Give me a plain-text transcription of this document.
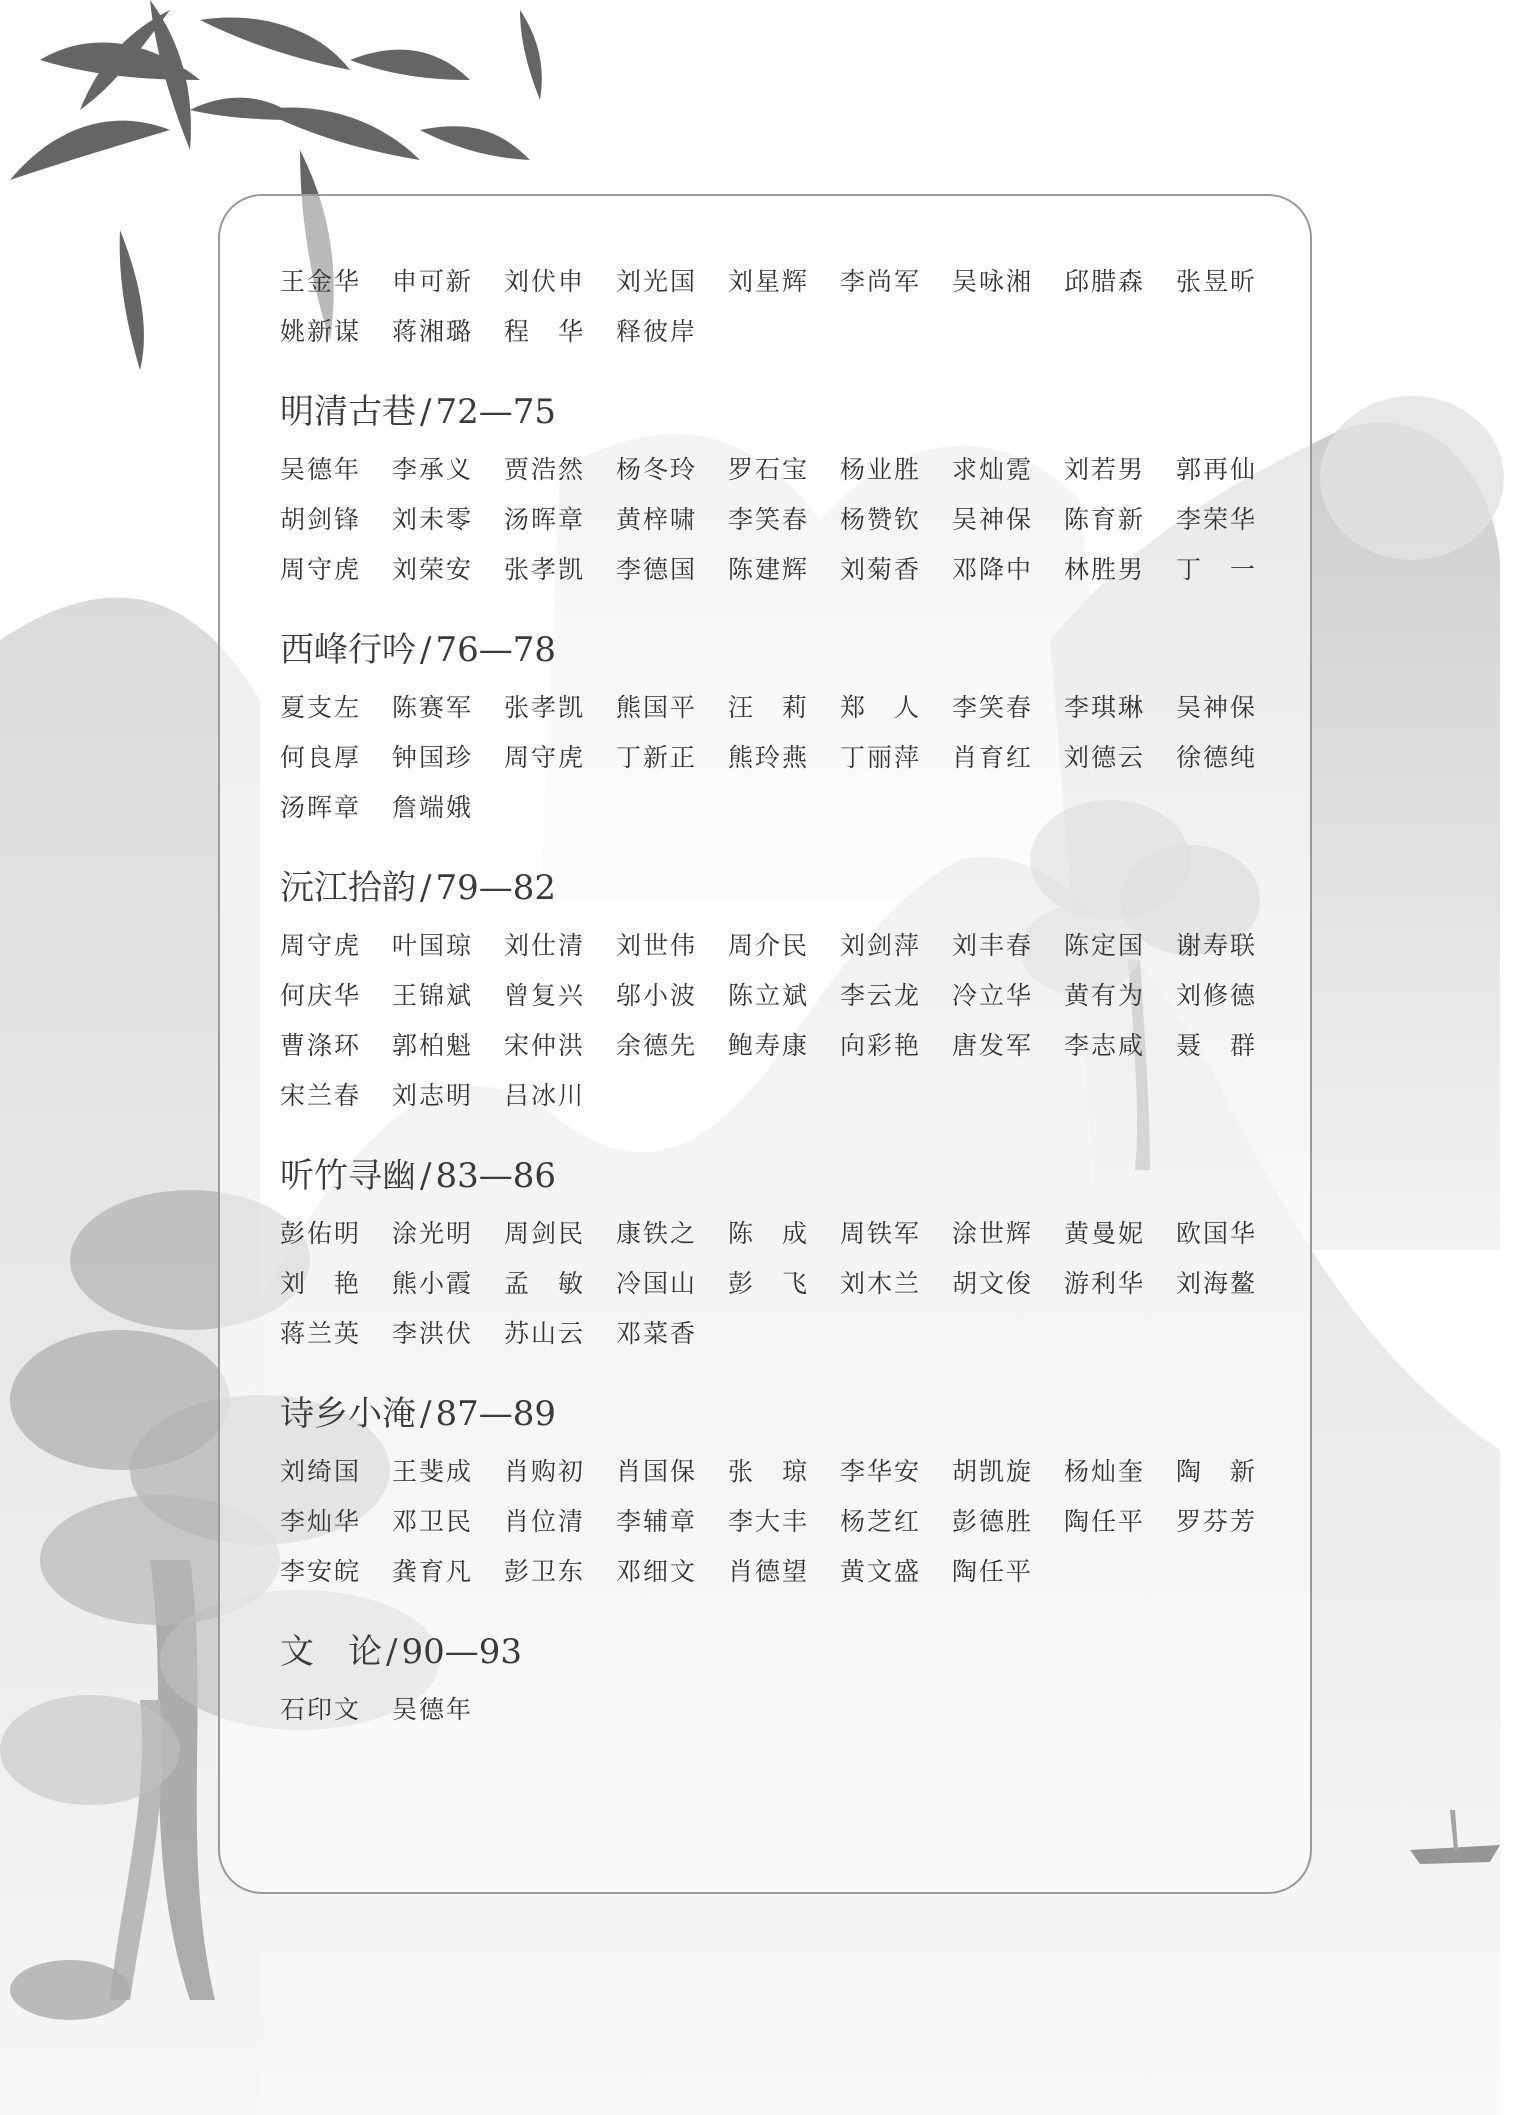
王金华	申可新	刘伏申	刘光国	刘星辉	李尚军	吴咏湘	邱腊森	张昱昕
姚新谋	蒋湘璐	程　华	释彼岸
明清古巷 / 72—75
吴德年	李承义	贾浩然	杨冬玲	罗石宝	杨业胜	求灿霓	刘若男	郭再仙
胡剑锋	刘未零	汤晖章	黄梓啸	李笑春	杨赞钦	吴神保	陈育新	李荣华
周守虎	刘荣安	张孝凯	李德国	陈建辉	刘菊香	邓降中	林胜男	丁　一
西峰行吟 / 76—78
夏支左	陈赛军	张孝凯	熊国平	汪　莉	郑　人	李笑春	李琪琳	吴神保
何良厚	钟国珍	周守虎	丁新正	熊玲燕	丁丽萍	肖育红	刘德云	徐德纯
汤晖章	詹端娥
沅江拾韵 / 79—82
周守虎	叶国琼	刘仕清	刘世伟	周介民	刘剑萍	刘丰春	陈定国	谢寿联
何庆华	王锦斌	曾复兴	邬小波	陈立斌	李云龙	冷立华	黄有为	刘修德
曹涤环	郭柏魁	宋仲洪	余德先	鲍寿康	向彩艳	唐发军	李志咸	聂　群
宋兰春	刘志明	吕冰川
听竹寻幽 / 83—86
彭佑明	涂光明	周剑民	康铁之	陈　成	周铁军	涂世辉	黄曼妮	欧国华
刘　艳	熊小霞	孟　敏	冷国山	彭　飞	刘木兰	胡文俊	游利华	刘海鳌
蒋兰英	李洪伏	苏山云	邓菜香
诗乡小淹 / 87—89
刘绮国	王斐成	肖购初	肖国保	张　琼	李华安	胡凯旋	杨灿奎	陶　新
李灿华	邓卫民	肖位清	李辅章	李大丰	杨芝红	彭德胜	陶任平	罗芬芳
李安皖	龚育凡	彭卫东	邓细文	肖德望	黄文盛	陶任平
文　论 / 90—93
石印文	吴德年
